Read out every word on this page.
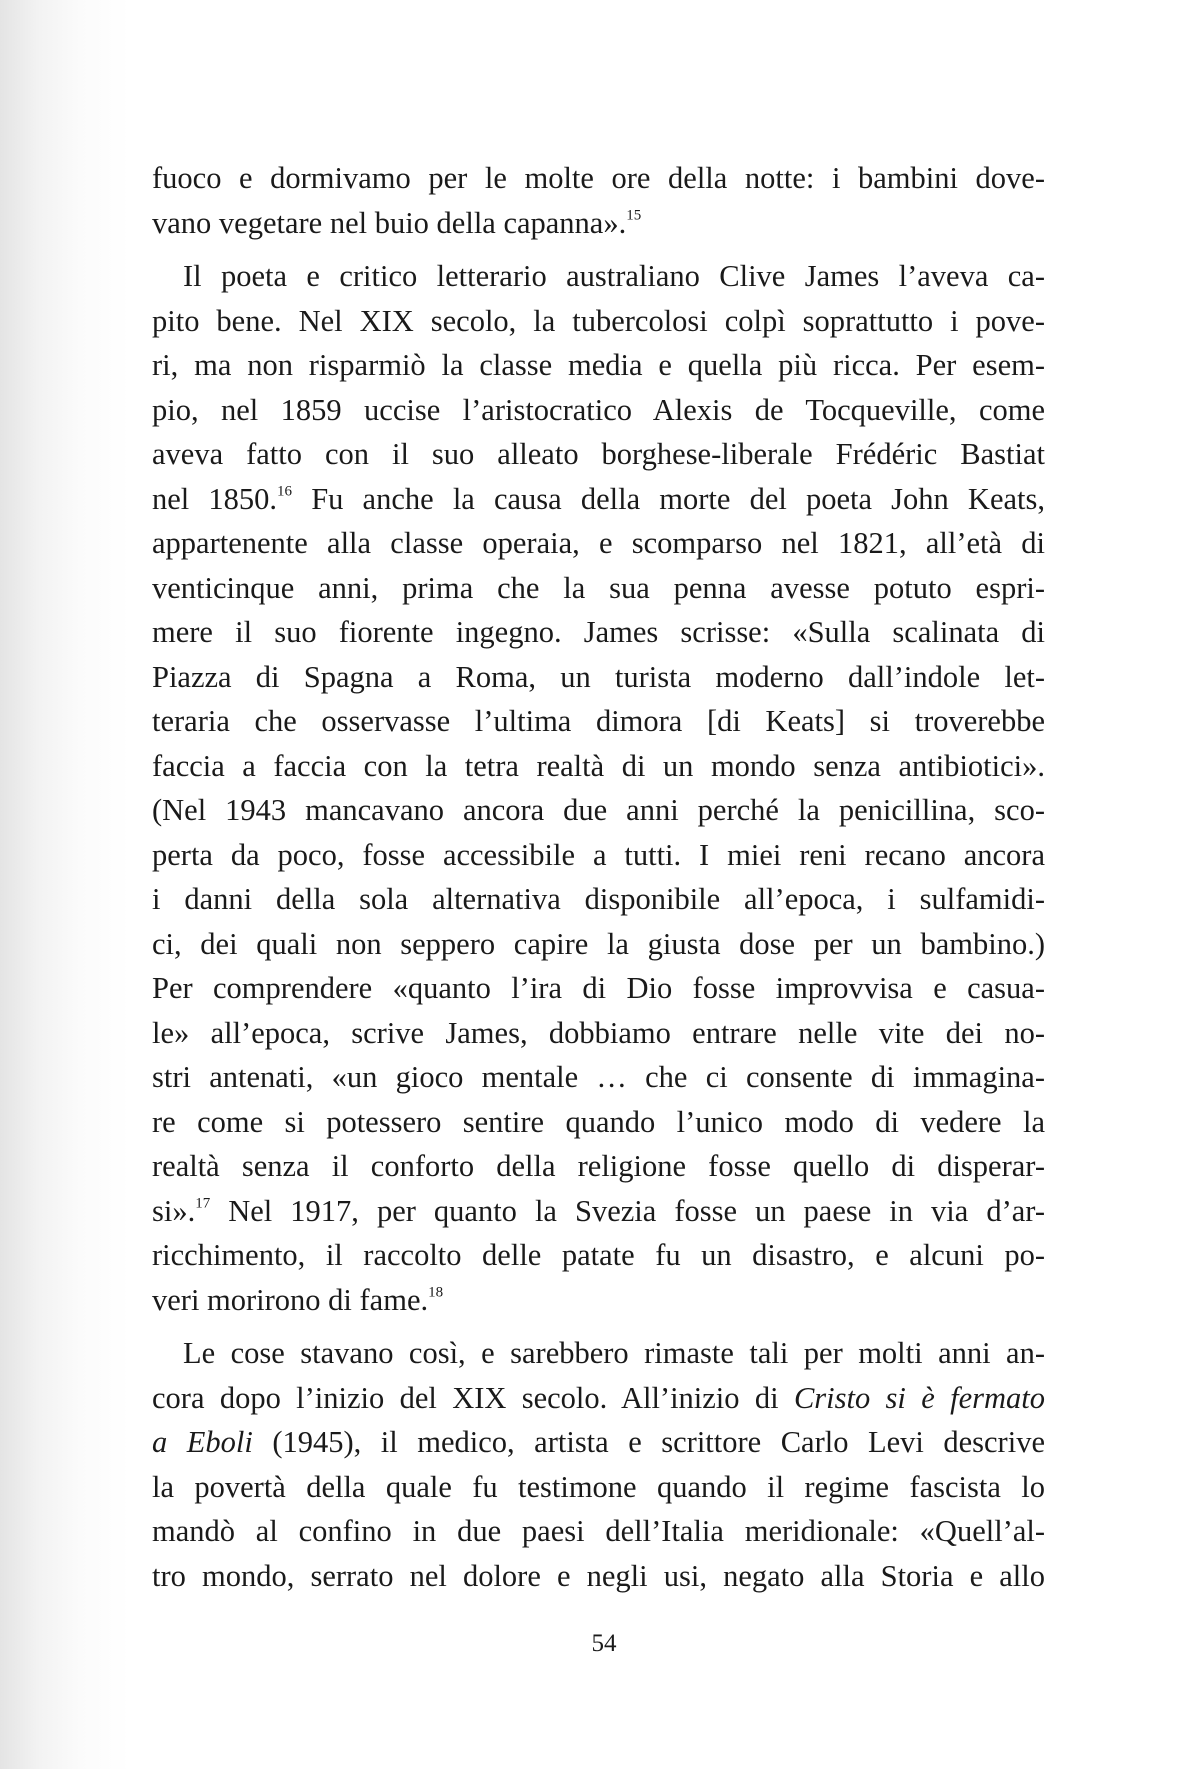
fuoco e dormivamo per le molte ore della notte: i bambini dove-
vano vegetare nel buio della capanna».$^{15}$
Il poeta e critico letterario australiano Clive James l’aveva ca-
pito bene. Nel XIX secolo, la tubercolosi colpì soprattutto i pove-
ri, ma non risparmiò la classe media e quella più ricca. Per esem-
pio, nel 1859 uccise l’aristocratico Alexis de Tocqueville, come
aveva fatto con il suo alleato borghese-liberale Frédéric Bastiat
nel 1850.16 Fu anche la causa della morte del poeta John Keats,
appartenente alla classe operaia, e scomparso nel 1821, all’età di
venticinque anni, prima che la sua penna avesse potuto espri-
mere il suo fiorente ingegno. James scrisse: «Sulla scalinata di
Piazza di Spagna a Roma, un turista moderno dall’indole let-
teraria che osservasse l’ultima dimora [di Keats] si troverebbe
faccia a faccia con la tetra realtà di un mondo senza antibiotici».
(Nel 1943 mancavano ancora due anni perché la penicillina, sco-
perta da poco, fosse accessibile a tutti. I miei reni recano ancora
i danni della sola alternativa disponibile all’epoca, i sulfamidi-
ci, dei quali non seppero capire la giusta dose per un bambino.)
Per comprendere «quanto l’ira di Dio fosse improvvisa e casua-
le» all’epoca, scrive James, dobbiamo entrare nelle vite dei no-
stri antenati, «un gioco mentale … che ci consente di immagina-
re come si potessero sentire quando l’unico modo di vedere la
realtà senza il conforto della religione fosse quello di disperar-
si».$^{17}$ Nel 1917, per quanto la Svezia fosse un paese in via d’ar-
ricchimento, il raccolto delle patate fu un disastro, e alcuni po-
veri morirono di fame.$^{18}$
Le cose stavano così, e sarebbero rimaste tali per molti anni an-
cora dopo l’inizio del XIX secolo. All’inizio di Cristo si è fermato
a Eboli (1945), il medico, artista e scrittore Carlo Levi descrive
la povertà della quale fu testimone quando il regime fascista lo
mandò al confino in due paesi dell’Italia meridionale: «Quell’al-
tro mondo, serrato nel dolore e negli usi, negato alla Storia e allo
54
